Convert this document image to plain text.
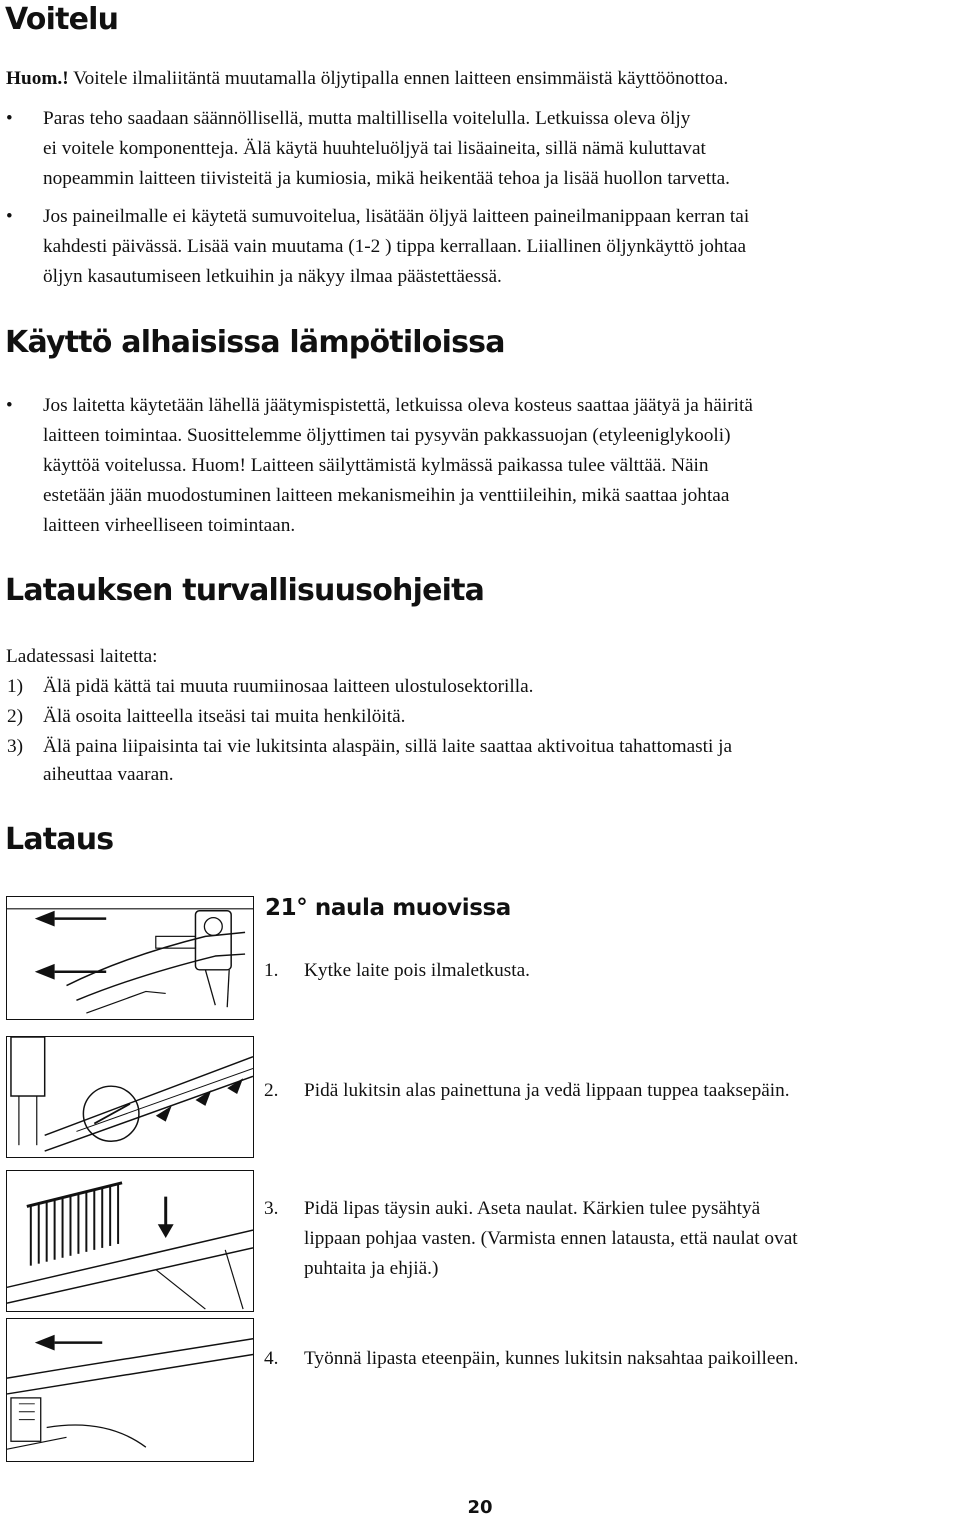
Voitelu
Huom.! Voitele ilmaliitäntä muutamalla öljytipalla ennen laitteen ensimmäistä käyttöönottoa.
• Paras teho saadaan säännöllisellä, mutta maltillisella voitelulla. Letkuissa oleva öljy
ei voitele komponentteja. Älä käytä huuhteluöljyä tai lisäaineita, sillä nämä kuluttavat
nopeammin laitteen tiivisteitä ja kumiosia, mikä heikentää tehoa ja lisää huollon tarvetta.
• Jos paineilmalle ei käytetä sumuvoitelua, lisätään öljyä laitteen paineilmanippaan kerran tai
kahdesti päivässä. Lisää vain muutama (1-2 ) tippa kerrallaan. Liiallinen öljynkäyttö johtaa
öljyn kasautumiseen letkuihin ja näkyy ilmaa päästettäessä.
Käyttö alhaisissa lämpötiloissa
• Jos laitetta käytetään lähellä jäätymispistettä, letkuissa oleva kosteus saattaa jäätyä ja häiritä
laitteen toimintaa. Suosittelemme öljyttimen tai pysyvän pakkassuojan (etyleeniglykooli)
käyttöä voitelussa. Huom! Laitteen säilyttämistä kylmässä paikassa tulee välttää. Näin
estetään jään muodostuminen laitteen mekanismeihin ja venttiileihin, mikä saattaa johtaa
laitteen virheelliseen toimintaan.
Latauksen turvallisuusohjeita
Ladatessasi laitetta:
1) Älä pidä kättä tai muuta ruumiinosaa laitteen ulostulosektorilla.
2) Älä osoita laitteella itseäsi tai muita henkilöitä.
3) Älä paina liipaisinta tai vie lukitsinta alaspäin, sillä laite saattaa aktivoitua tahattomasti ja
aiheuttaa vaaran.
Lataus
21° naula muovissa
1. Kytke laite pois ilmaletkusta.
2. Pidä lukitsin alas painettuna ja vedä lippaan tuppea taaksepäin.
3. Pidä lipas täysin auki. Aseta naulat. Kärkien tulee pysähtyä
lippaan pohjaa vasten. (Varmista ennen latausta, että naulat ovat
puhtaita ja ehjiä.)
4. Työnnä lipasta eteenpäin, kunnes lukitsin naksahtaa paikoilleen.
20
